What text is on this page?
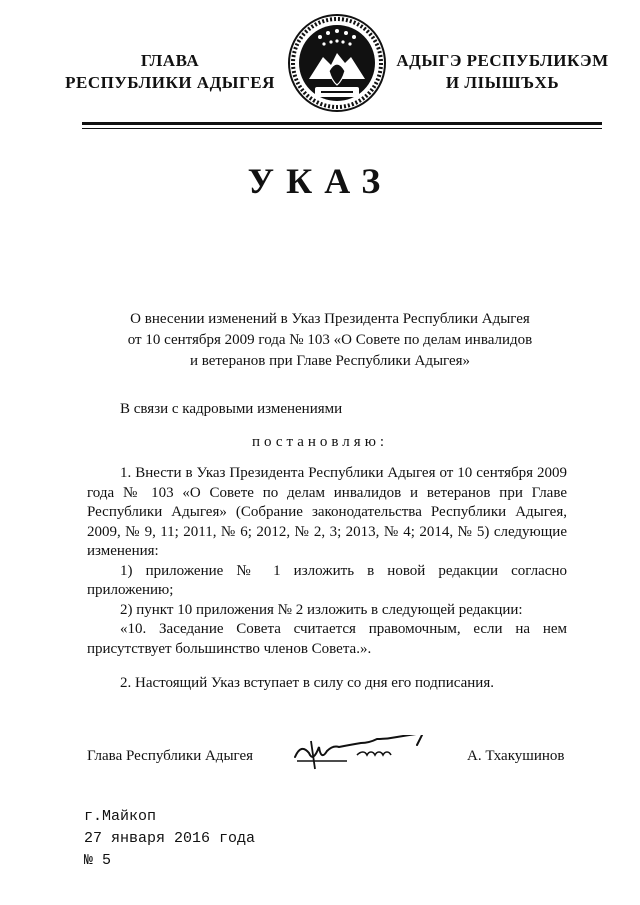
ГЛАВА
РЕСПУБЛИКИ АДЫГЕЯ
АДЫГЭ РЕСПУБЛИКЭМ
И ЛІЫШЪХЬ
УКАЗ
О внесении изменений в Указ Президента Республики Адыгея
от 10 сентября 2009 года № 103 «О Совете по делам инвалидов
и ветеранов при Главе Республики Адыгея»
В связи с кадровыми изменениями
постановляю:

1. Внести в Указ Президента Республики Адыгея от 10 сентября 2009 года № 103 «О Совете по делам инвалидов и ветеранов при Главе Республики Адыгея» (Собрание законодательства Республики Адыгея, 2009, № 9, 11; 2011, № 6; 2012, № 2, 3; 2013, № 4; 2014, № 5) следующие изменения:

1) приложение № 1 изложить в новой редакции согласно приложению;

2) пункт 10 приложения № 2 изложить в следующей редакции:

«10. Заседание Совета считается правомочным, если на нем присутствует большинство членов Совета.».

2. Настоящий Указ вступает в силу со дня его подписания.

Глава Республики Адыгея	А. Тхакушинов
г.Майкоп
27 января 2016 года
№ 5
